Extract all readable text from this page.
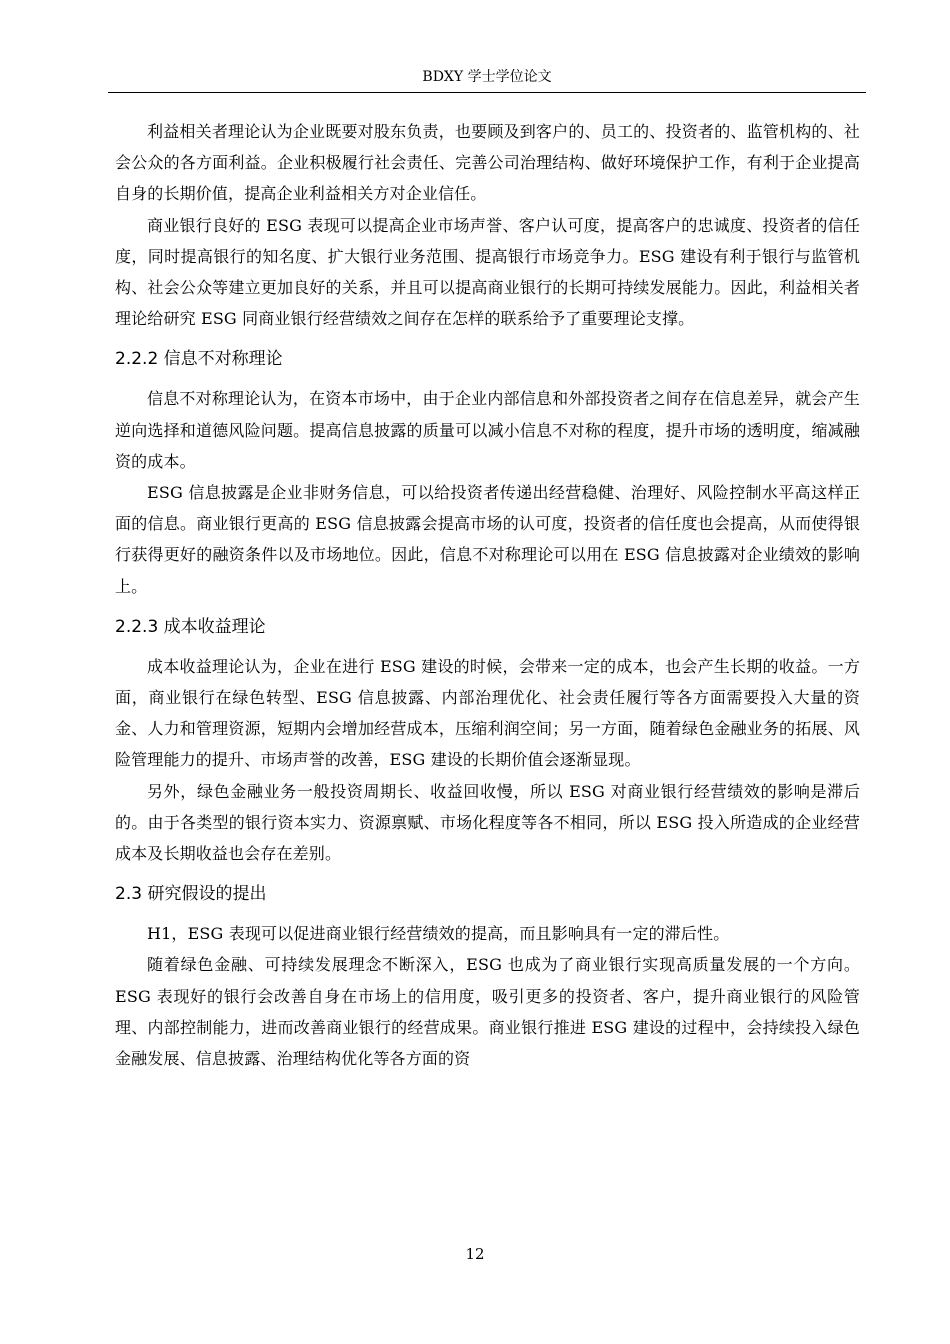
BDXY 学士学位论文

利益相关者理论认为企业既要对股东负责，也要顾及到客户的、员工的、投资者的、监管机构的、社会公众的各方面利益。企业积极履行社会责任、完善公司治理结构、做好环境保护工作，有利于企业提高自身的长期价值，提高企业利益相关方对企业信任。

商业银行良好的 ESG 表现可以提高企业市场声誉、客户认可度，提高客户的忠诚度、投资者的信任度，同时提高银行的知名度、扩大银行业务范围、提高银行市场竞争力。ESG 建设有利于银行与监管机构、社会公众等建立更加良好的关系，并且可以提高商业银行的长期可持续发展能力。因此，利益相关者理论给研究 ESG 同商业银行经营绩效之间存在怎样的联系给予了重要理论支撑。

2.2.2 信息不对称理论

信息不对称理论认为，在资本市场中，由于企业内部信息和外部投资者之间存在信息差异，就会产生逆向选择和道德风险问题。提高信息披露的质量可以减小信息不对称的程度，提升市场的透明度，缩减融资的成本。

ESG 信息披露是企业非财务信息，可以给投资者传递出经营稳健、治理好、风险控制水平高这样正面的信息。商业银行更高的 ESG 信息披露会提高市场的认可度，投资者的信任度也会提高，从而使得银行获得更好的融资条件以及市场地位。因此，信息不对称理论可以用在 ESG 信息披露对企业绩效的影响上。

2.2.3 成本收益理论

成本收益理论认为，企业在进行 ESG 建设的时候，会带来一定的成本，也会产生长期的收益。一方面，商业银行在绿色转型、ESG 信息披露、内部治理优化、社会责任履行等各方面需要投入大量的资金、人力和管理资源，短期内会增加经营成本，压缩利润空间；另一方面，随着绿色金融业务的拓展、风险管理能力的提升、市场声誉的改善，ESG 建设的长期价值会逐渐显现。

另外，绿色金融业务一般投资周期长、收益回收慢，所以 ESG 对商业银行经营绩效的影响是滞后的。由于各类型的银行资本实力、资源禀赋、市场化程度等各不相同，所以 ESG 投入所造成的企业经营成本及长期收益也会存在差别。

2.3 研究假设的提出

H1，ESG 表现可以促进商业银行经营绩效的提高，而且影响具有一定的滞后性。

随着绿色金融、可持续发展理念不断深入，ESG 也成为了商业银行实现高质量发展的一个方向。ESG 表现好的银行会改善自身在市场上的信用度，吸引更多的投资者、客户，提升商业银行的风险管理、内部控制能力，进而改善商业银行的经营成果。商业银行推进 ESG 建设的过程中，会持续投入绿色金融发展、信息披露、治理结构优化等各方面的资

12
